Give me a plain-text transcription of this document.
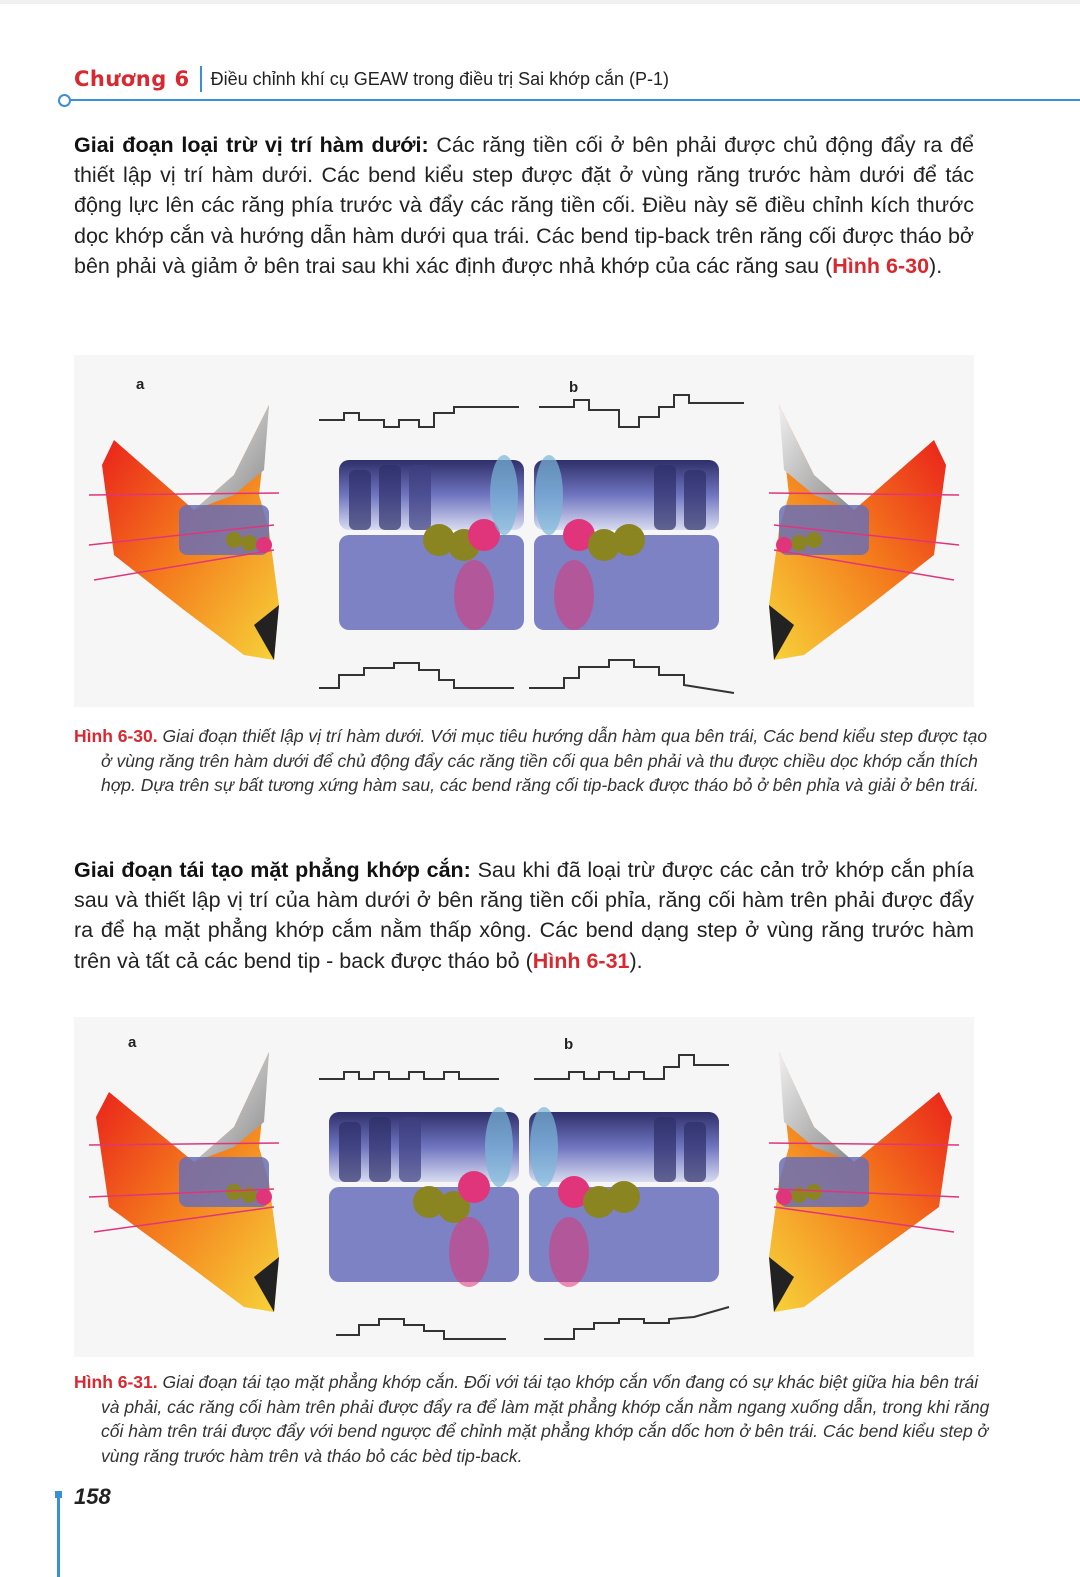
Chương 6 Điều chỉnh khí cụ GEAW trong điều trị Sai khớp cắn (P-1)

Giai đoạn loại trừ vị trí hàm dưới: Các răng tiền cối ở bên phải được chủ động đẩy ra để thiết lập vị trí hàm dưới. Các bend kiểu step được đặt ở vùng răng trước hàm dưới để tác động lực lên các răng phía trước và đẩy các răng tiền cối. Điều này sẽ điều chỉnh kích thước dọc khớp cắn và hướng dẫn hàm dưới qua trái. Các bend tip-back trên răng cối được tháo bở bên phải và giảm ở bên trai sau khi xác định được nhả khớp của các răng sau (Hình 6-30).

a	b

Hình 6-30. Giai đoạn thiết lập vị trí hàm dưới. Với mục tiêu hướng dẫn hàm qua bên trái, Các bend kiểu step được tạo ở vùng răng trên hàm dưới để chủ động đẩy các răng tiền cối qua bên phải và thu được chiều dọc khớp cắn thích hợp. Dựa trên sự bất tương xứng hàm sau, các bend răng cối tip-back được tháo bỏ ở bên phỉa và giải ở bên trái.

Giai đoạn tái tạo mặt phẳng khớp cắn: Sau khi đã loại trừ được các cản trở khớp cắn phía sau và thiết lập vị trí của hàm dưới ở bên răng tiền cối phỉa, răng cối hàm trên phải được đẩy ra để hạ mặt phẳng khớp cắm nằm thấp xông. Các bend dạng step ở vùng răng trước hàm trên và tất cả các bend tip - back được tháo bỏ (Hình 6-31).

a	b

Hình 6-31. Giai đoạn tái tạo mặt phẳng khớp cắn. Đối với tái tạo khớp cắn vốn đang có sự khác biệt giữa hia bên trái và phải, các răng cối hàm trên phải được đẩy ra để làm mặt phẳng khớp cắn nằm ngang xuống dẫn, trong khi răng cối hàm trên trái được đẩy với bend ngược để chỉnh mặt phẳng khớp cắn dốc hơn ở bên trái. Các bend kiểu step ở vùng răng trước hàm trên và tháo bỏ các bèd tip-back.

158
